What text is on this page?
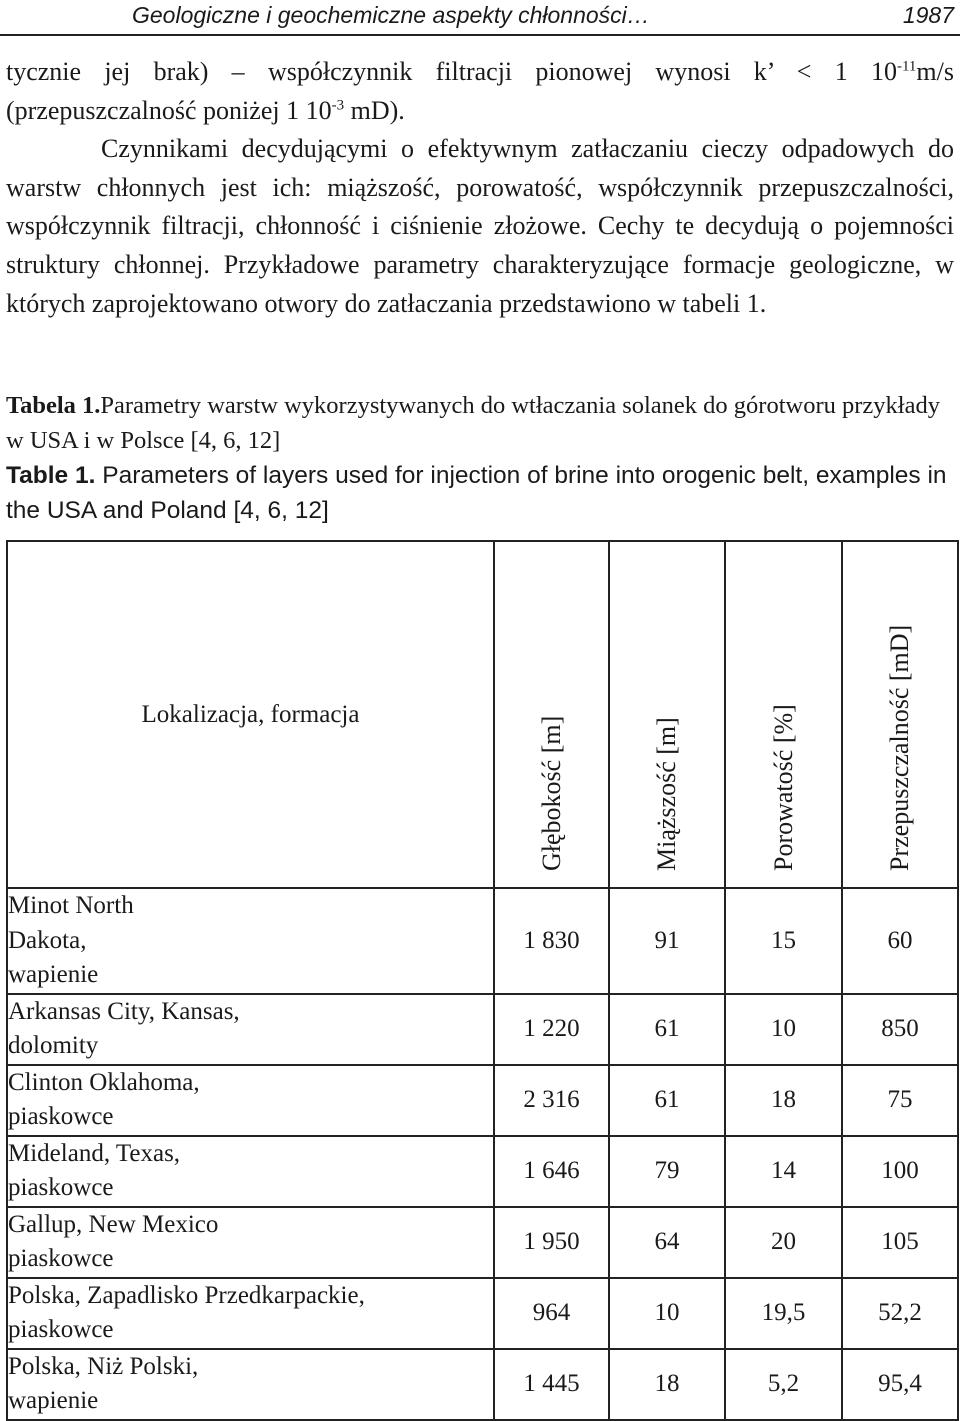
Geologiczne i geochemiczne aspekty chłonności…	1987

tycznie jej brak) – współczynnik filtracji pionowej wynosi k’ < 1 $10^{-11}m/s$ (przepuszczalność poniżej 1 $10^{-3}$ mD).

Czynnikami decydującymi o efektywnym zatłaczaniu cieczy odpadowych do warstw chłonnych jest ich: miąższość, porowatość, współczynnik przepuszczalności, współczynnik filtracji, chłonność i ciśnienie złożowe. Cechy te decydują o pojemności struktury chłonnej. Przykładowe parametry charakteryzujące formacje geologiczne, w których zaprojektowano otwory do zatłaczania przedstawiono w tabeli 1.

Tabela 1.Parametry warstw wykorzystywanych do wtłaczania solanek do górotworu przykłady w USA i w Polsce [4, 6, 12]

Table 1. Parameters of layers used for injection of brine into orogenic belt, examples in the USA and Poland [4, 6, 12]

Lokalizacja, formacja	Głębokość [m]	Miąższość [m]	Porowatość [%]	Przepuszczalność [mD]

Minot North
Dakota,
wapienie	1 830	91	15	60
Arkansas City, Kansas,
dolomity	1 220	61	10	850
Clinton Oklahoma,
piaskowce	2 316	61	18	75
Mideland, Texas,
piaskowce	1 646	79	14	100
Gallup, New Mexico
piaskowce	1 950	64	20	105
Polska, Zapadlisko Przedkarpackie,
piaskowce	964	10	19,5	52,2
Polska, Niż Polski,
wapienie	1 445	18	5,2	95,4
